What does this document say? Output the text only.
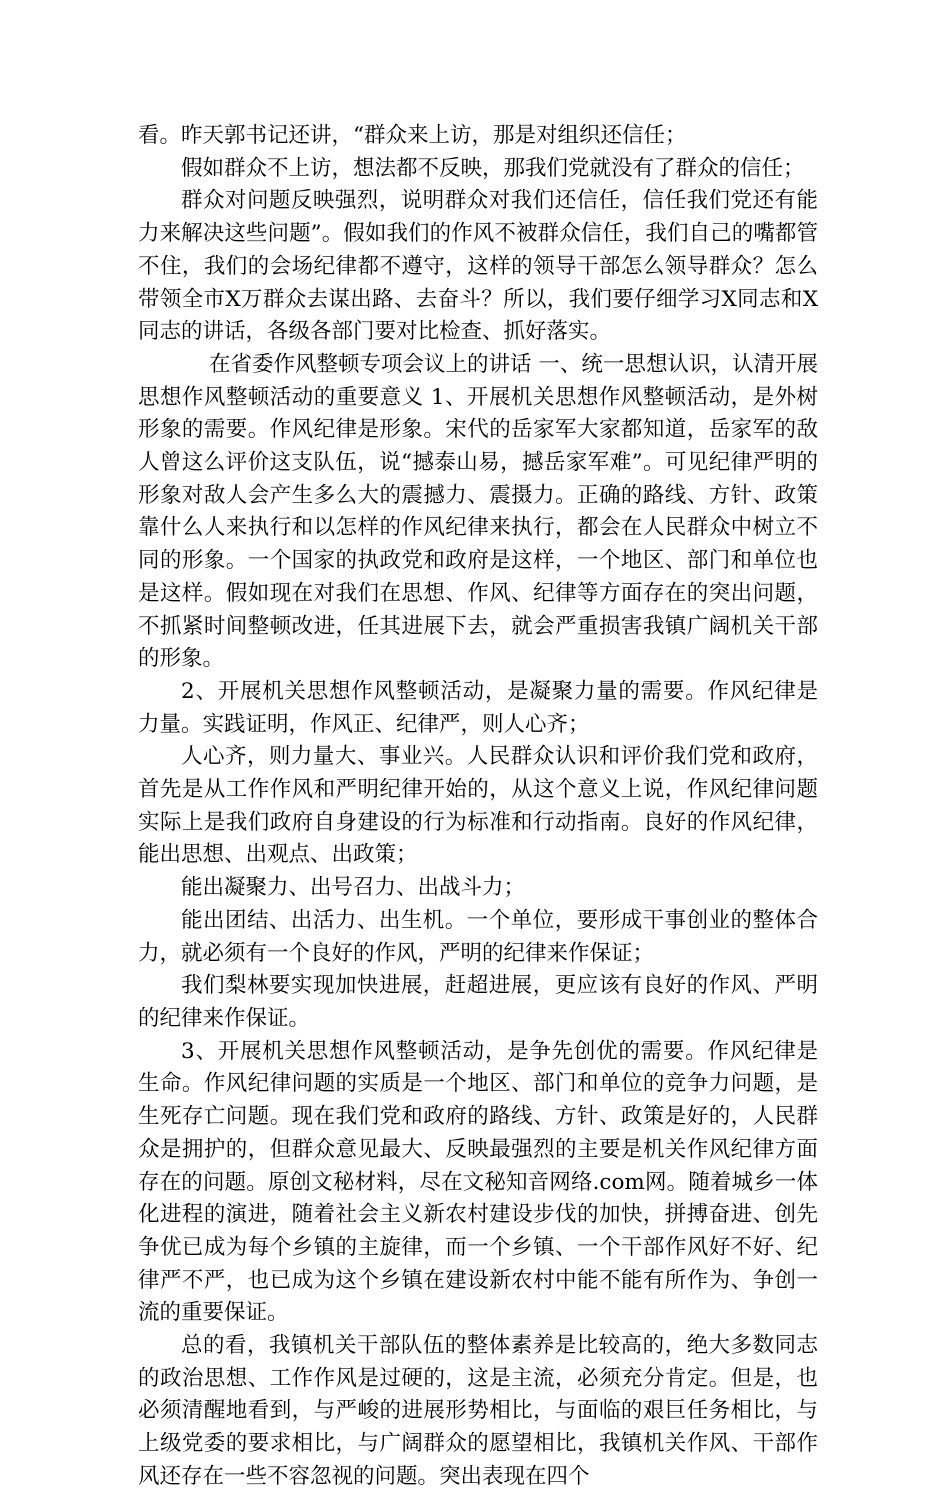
看。昨天郭书记还讲，“群众来上访，那是对组织还信任；

假如群众不上访，想法都不反映，那我们党就没有了群众的信任；

群众对问题反映强烈，说明群众对我们还信任，信任我们党还有能力来解决这些问题”。假如我们的作风不被群众信任，我们自己的嘴都管不住，我们的会场纪律都不遵守，这样的领导干部怎么领导群众？怎么带领全市X万群众去谋出路、去奋斗？所以，我们要仔细学习X同志和X同志的讲话，各级各部门要对比检查、抓好落实。

在省委作风整顿专项会议上的讲话 一、统一思想认识，认清开展思想作风整顿活动的重要意义 1、开展机关思想作风整顿活动，是外树形象的需要。作风纪律是形象。宋代的岳家军大家都知道，岳家军的敌人曾这么评价这支队伍，说“撼泰山易，撼岳家军难”。可见纪律严明的形象对敌人会产生多么大的震撼力、震摄力。正确的路线、方针、政策靠什么人来执行和以怎样的作风纪律来执行，都会在人民群众中树立不同的形象。一个国家的执政党和政府是这样，一个地区、部门和单位也是这样。假如现在对我们在思想、作风、纪律等方面存在的突出问题，不抓紧时间整顿改进，任其进展下去，就会严重损害我镇广阔机关干部的形象。

2、开展机关思想作风整顿活动，是凝聚力量的需要。作风纪律是力量。实践证明，作风正、纪律严，则人心齐；

人心齐，则力量大、事业兴。人民群众认识和评价我们党和政府，首先是从工作作风和严明纪律开始的，从这个意义上说，作风纪律问题实际上是我们政府自身建设的行为标准和行动指南。良好的作风纪律，能出思想、出观点、出政策；

能出凝聚力、出号召力、出战斗力；

能出团结、出活力、出生机。一个单位，要形成干事创业的整体合力，就必须有一个良好的作风，严明的纪律来作保证；

我们梨林要实现加快进展，赶超进展，更应该有良好的作风、严明的纪律来作保证。

3、开展机关思想作风整顿活动，是争先创优的需要。作风纪律是生命。作风纪律问题的实质是一个地区、部门和单位的竞争力问题，是生死存亡问题。现在我们党和政府的路线、方针、政策是好的，人民群众是拥护的，但群众意见最大、反映最强烈的主要是机关作风纪律方面存在的问题。原创文秘材料，尽在文秘知音网络.com网。随着城乡一体化进程的演进，随着社会主义新农村建设步伐的加快，拼搏奋进、创先争优已成为每个乡镇的主旋律，而一个乡镇、一个干部作风好不好、纪律严不严，也已成为这个乡镇在建设新农村中能不能有所作为、争创一流的重要保证。

总的看，我镇机关干部队伍的整体素养是比较高的，绝大多数同志的政治思想、工作作风是过硬的，这是主流，必须充分肯定。但是，也必须清醒地看到，与严峻的进展形势相比，与面临的艰巨任务相比，与上级党委的要求相比，与广阔群众的愿望相比，我镇机关作风、干部作风还存在一些不容忽视的问题。突出表现在四个
